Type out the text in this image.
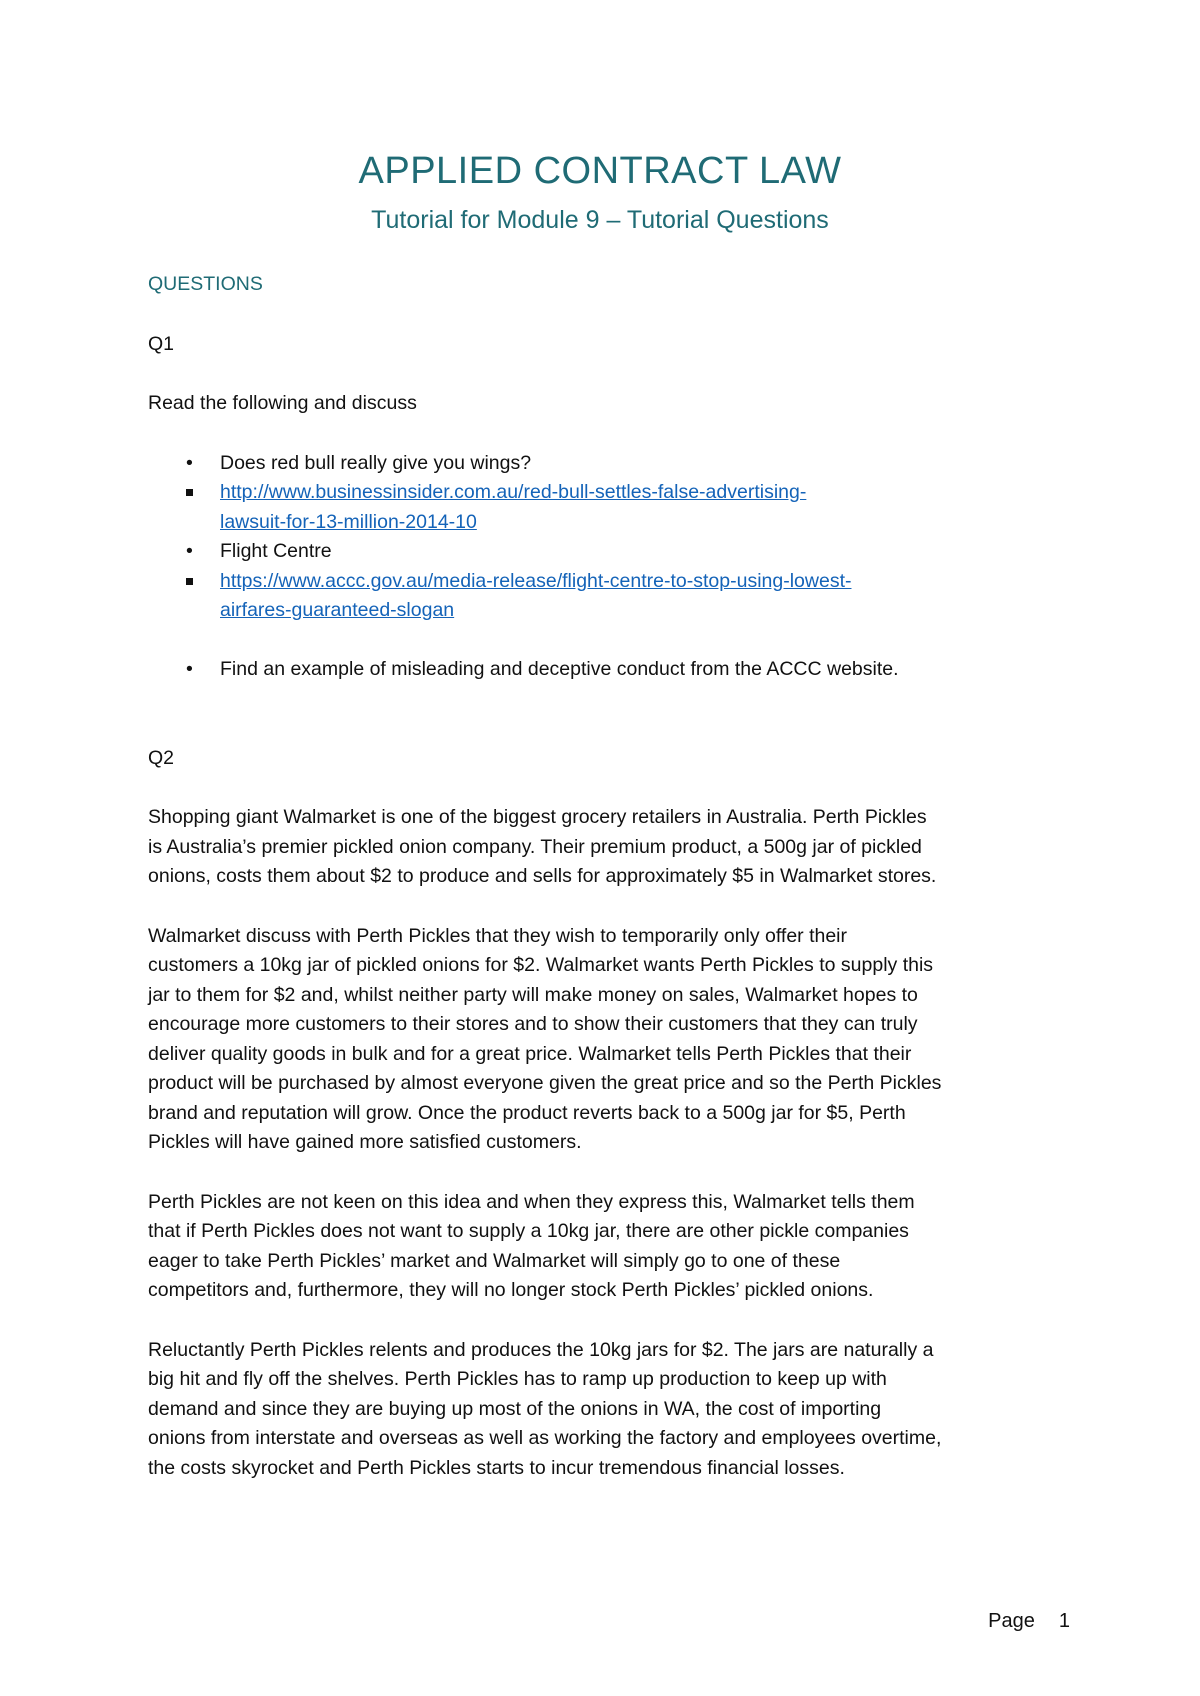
APPLIED CONTRACT LAW
Tutorial for Module 9 – Tutorial Questions
QUESTIONS
Q1
Read the following and discuss
• Does red bull really give you wings?
http://www.businessinsider.com.au/red-bull-settles-false-advertising-
lawsuit-for-13-million-2014-10
• Flight Centre
https://www.accc.gov.au/media-release/flight-centre-to-stop-using-lowest-
airfares-guaranteed-slogan
• Find an example of misleading and deceptive conduct from the ACCC website.
Q2
Shopping giant Walmarket is one of the biggest grocery retailers in Australia. Perth Pickles
is Australia’s premier pickled onion company. Their premium product, a 500g jar of pickled
onions, costs them about $2 to produce and sells for approximately $5 in Walmarket stores.
Walmarket discuss with Perth Pickles that they wish to temporarily only offer their
customers a 10kg jar of pickled onions for $2. Walmarket wants Perth Pickles to supply this
jar to them for $2 and, whilst neither party will make money on sales, Walmarket hopes to
encourage more customers to their stores and to show their customers that they can truly
deliver quality goods in bulk and for a great price. Walmarket tells Perth Pickles that their
product will be purchased by almost everyone given the great price and so the Perth Pickles
brand and reputation will grow. Once the product reverts back to a 500g jar for $5, Perth
Pickles will have gained more satisfied customers.
Perth Pickles are not keen on this idea and when they express this, Walmarket tells them
that if Perth Pickles does not want to supply a 10kg jar, there are other pickle companies
eager to take Perth Pickles’ market and Walmarket will simply go to one of these
competitors and, furthermore, they will no longer stock Perth Pickles’ pickled onions.
Reluctantly Perth Pickles relents and produces the 10kg jars for $2. The jars are naturally a
big hit and fly off the shelves. Perth Pickles has to ramp up production to keep up with
demand and since they are buying up most of the onions in WA, the cost of importing
onions from interstate and overseas as well as working the factory and employees overtime,
the costs skyrocket and Perth Pickles starts to incur tremendous financial losses.
Page 1
